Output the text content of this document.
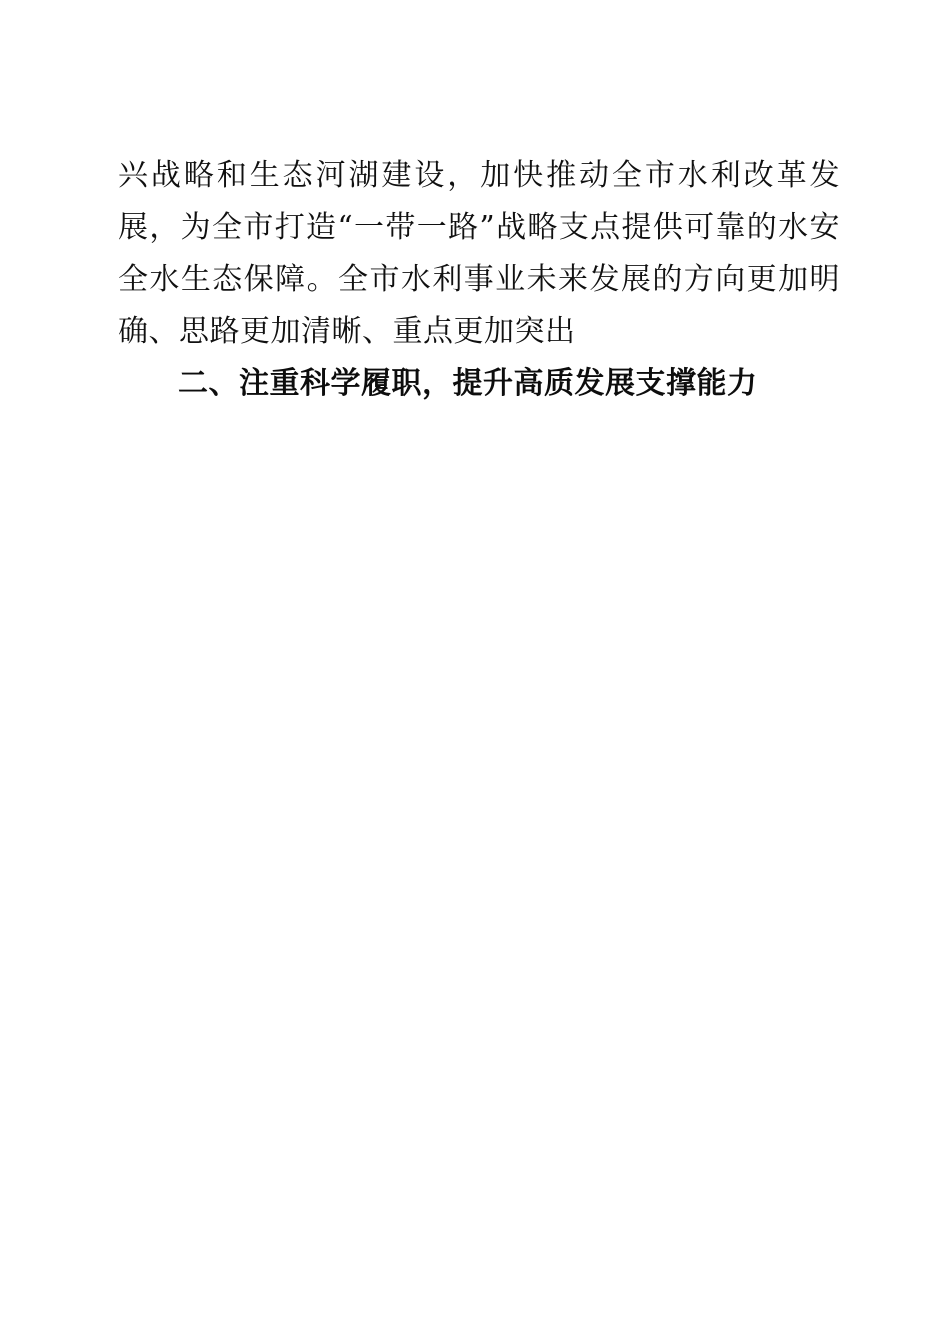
兴战略和生态河湖建设，加快推动全市水利改革发展，为全市打造“一带一路”战略支点提供可靠的水安全水生态保障。全市水利事业未来发展的方向更加明确、思路更加清晰、重点更加突出

二、注重科学履职，提升高质发展支撑能力
